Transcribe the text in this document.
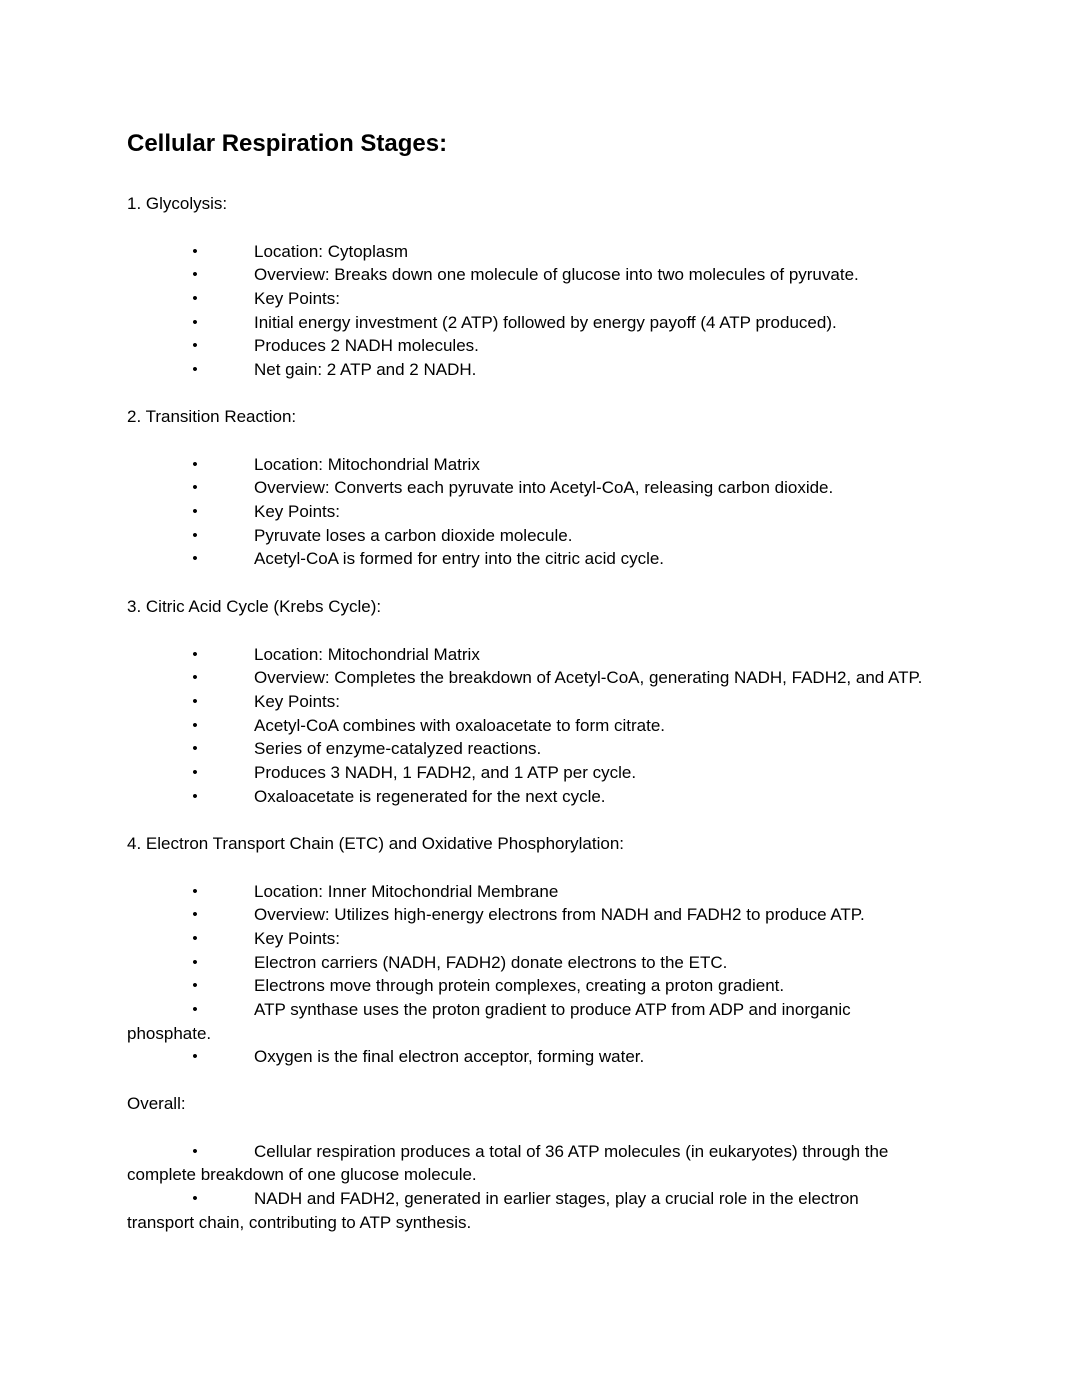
Cellular Respiration Stages:

1. Glycolysis:

•	Location: Cytoplasm
•	Overview: Breaks down one molecule of glucose into two molecules of pyruvate.
•	Key Points:
•	Initial energy investment (2 ATP) followed by energy payoff (4 ATP produced).
•	Produces 2 NADH molecules.
•	Net gain: 2 ATP and 2 NADH.

2. Transition Reaction:

•	Location: Mitochondrial Matrix
•	Overview: Converts each pyruvate into Acetyl-CoA, releasing carbon dioxide.
•	Key Points:
•	Pyruvate loses a carbon dioxide molecule.
•	Acetyl-CoA is formed for entry into the citric acid cycle.

3. Citric Acid Cycle (Krebs Cycle):

•	Location: Mitochondrial Matrix
•	Overview: Completes the breakdown of Acetyl-CoA, generating NADH, FADH2, and ATP.
•	Key Points:
•	Acetyl-CoA combines with oxaloacetate to form citrate.
•	Series of enzyme-catalyzed reactions.
•	Produces 3 NADH, 1 FADH2, and 1 ATP per cycle.
•	Oxaloacetate is regenerated for the next cycle.

4. Electron Transport Chain (ETC) and Oxidative Phosphorylation:

•	Location: Inner Mitochondrial Membrane
•	Overview: Utilizes high-energy electrons from NADH and FADH2 to produce ATP.
•	Key Points:
•	Electron carriers (NADH, FADH2) donate electrons to the ETC.
•	Electrons move through protein complexes, creating a proton gradient.
•	ATP synthase uses the proton gradient to produce ATP from ADP and inorganic phosphate.
•	Oxygen is the final electron acceptor, forming water.

Overall:

•	Cellular respiration produces a total of 36 ATP molecules (in eukaryotes) through the complete breakdown of one glucose molecule.
•	NADH and FADH2, generated in earlier stages, play a crucial role in the electron transport chain, contributing to ATP synthesis.
